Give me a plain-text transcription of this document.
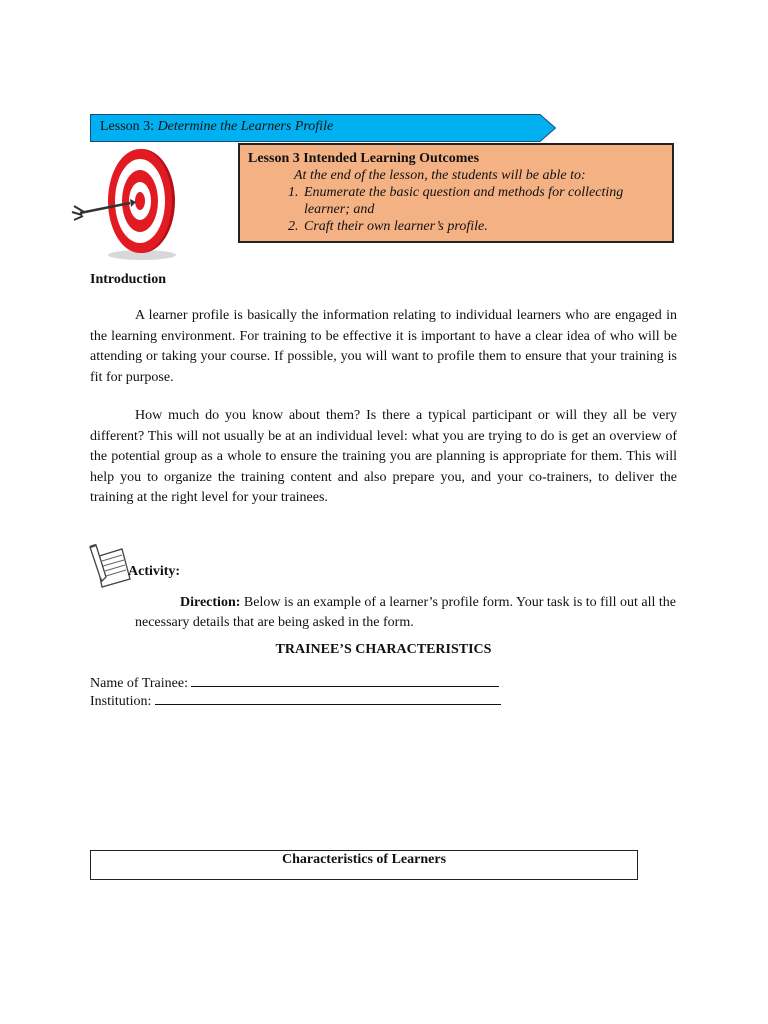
Lesson 3: Determine the Learners Profile
Lesson 3 Intended Learning Outcomes
At the end of the lesson, the students will be able to:
1. Enumerate the basic question and methods for collecting learner; and
2. Craft their own learner’s profile.
Introduction

A learner profile is basically the information relating to individual learners who are engaged in the learning environment. For training to be effective it is important to have a clear idea of who will be attending or taking your course. If possible, you will want to profile them to ensure that your training is fit for purpose.

How much do you know about them? Is there a typical participant or will they all be very different? This will not usually be at an individual level: what you are trying to do is get an overview of the potential group as a whole to ensure the training you are planning is appropriate for them. This will help you to organize the training content and also prepare you, and your co-trainers, to deliver the training at the right level for your trainees.

Activity:

Direction: Below is an example of a learner’s profile form. Your task is to fill out all the necessary details that are being asked in the form.

TRAINEE’S CHARACTERISTICS
Name of Trainee:
Institution:
Characteristics of Learners
